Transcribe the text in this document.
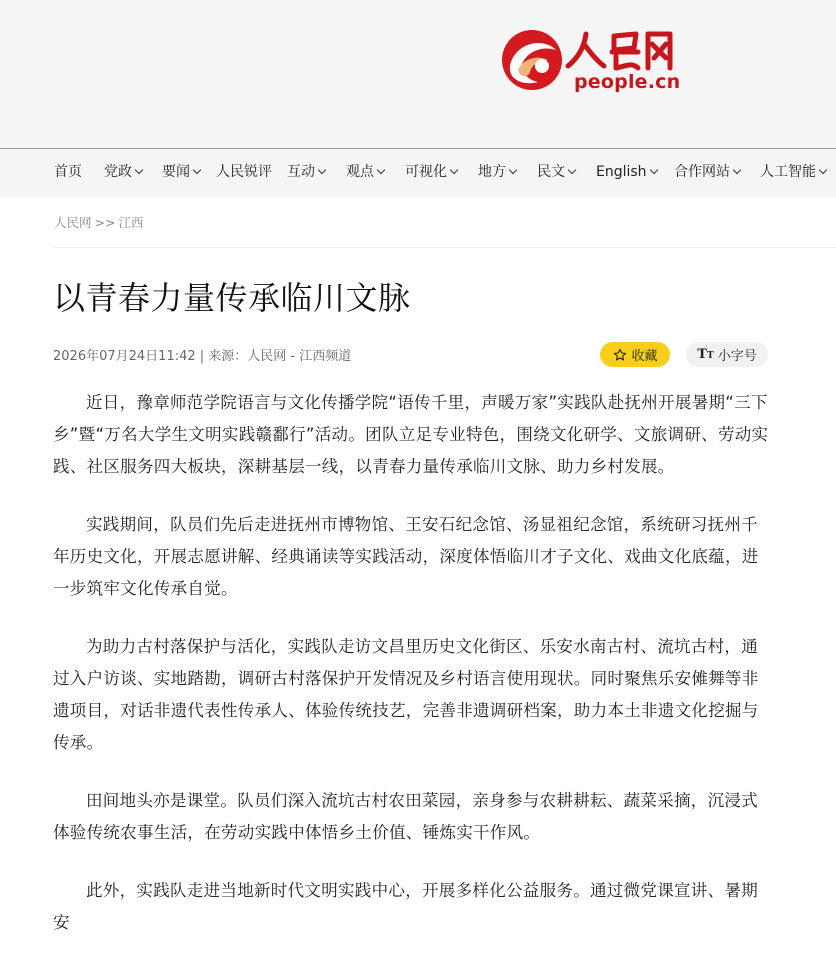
people.cn
首页 党政	要闻	人民锐评 互动	观点	可视化	地方	民文	English	合作网站	人工智能
人民网 >> 江西
以青春力量传承临川文脉
2026年07月24日11:42 | 来源：人民网 - 江西频道	收藏	TT 小字号

近日，豫章师范学院语言与文化传播学院“语传千里，声暖万家”实践队赴抚州开展暑期“三下乡”暨“万名大学生文明实践赣鄱行”活动。团队立足专业特色，围绕文化研学、文旅调研、劳动实践、社区服务四大板块，深耕基层一线，以青春力量传承临川文脉、助力乡村发展。

实践期间，队员们先后走进抚州市博物馆、王安石纪念馆、汤显祖纪念馆，系统研习抚州千年历史文化，开展志愿讲解、经典诵读等实践活动，深度体悟临川才子文化、戏曲文化底蕴，进一步筑牢文化传承自觉。

为助力古村落保护与活化，实践队走访文昌里历史文化街区、乐安水南古村、流坑古村，通过入户访谈、实地踏勘，调研古村落保护开发情况及乡村语言使用现状。同时聚焦乐安傩舞等非遗项目，对话非遗代表性传承人、体验传统技艺，完善非遗调研档案，助力本土非遗文化挖掘与传承。

田间地头亦是课堂。队员们深入流坑古村农田菜园，亲身参与农耕耕耘、蔬菜采摘，沉浸式体验传统农事生活，在劳动实践中体悟乡土价值、锤炼实干作风。

此外，实践队走进当地新时代文明实践中心，开展多样化公益服务。通过微党课宣讲、暑期安
